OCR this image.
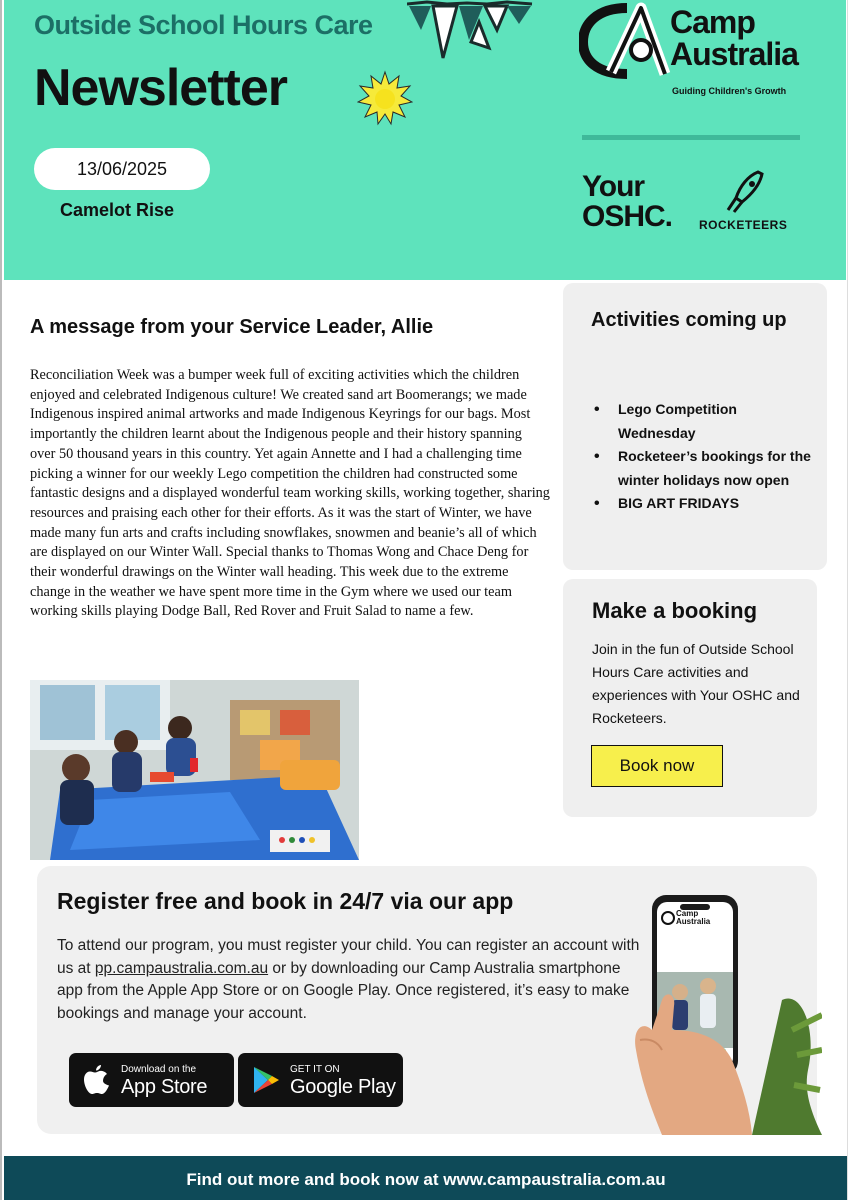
Outside School Hours Care
Newsletter
13/06/2025
Camelot Rise
Camp
Australia
Guiding Children's Growth
Your
OSHC. ROCKETEERS
A message from your Service Leader, Allie
Reconciliation Week was a bumper week full of exciting activities which the children enjoyed and celebrated Indigenous culture! We created sand art Boomerangs; we made Indigenous inspired animal artworks and made Indigenous Keyrings for our bags. Most importantly the children learnt about the Indigenous people and their history spanning over 50 thousand years in this country. Yet again Annette and I had a challenging time picking a winner for our weekly Lego competition the children had constructed some fantastic designs and a displayed wonderful team working skills, working together, sharing resources and praising each other for their efforts. As it was the start of Winter, we have made many fun arts and crafts including snowflakes, snowmen and beanie’s all of which are displayed on our Winter Wall. Special thanks to Thomas Wong and Chace Deng for their wonderful drawings on the Winter wall heading. This week due to the extreme change in the weather we have spent more time in the Gym where we used our team working skills playing Dodge Ball, Red Rover and Fruit Salad to name a few.
Activities coming up
• Lego Competition Wednesday
• Rocketeer’s bookings for the winter holidays now open
• BIG ART FRIDAYS
Make a booking
Join in the fun of Outside School Hours Care activities and experiences with Your OSHC and Rocketeers.
Book now
Register free and book in 24/7 via our app
To attend our program, you must register your child. You can register an account with us at pp.campaustralia.com.au or by downloading our Camp Australia smartphone app from the Apple App Store or on Google Play. Once registered, it’s easy to make bookings and manage your account.
Download on the
App Store
GET IT ON
Google Play
Camp
Australia
Find out more and book now at www.campaustralia.com.au
